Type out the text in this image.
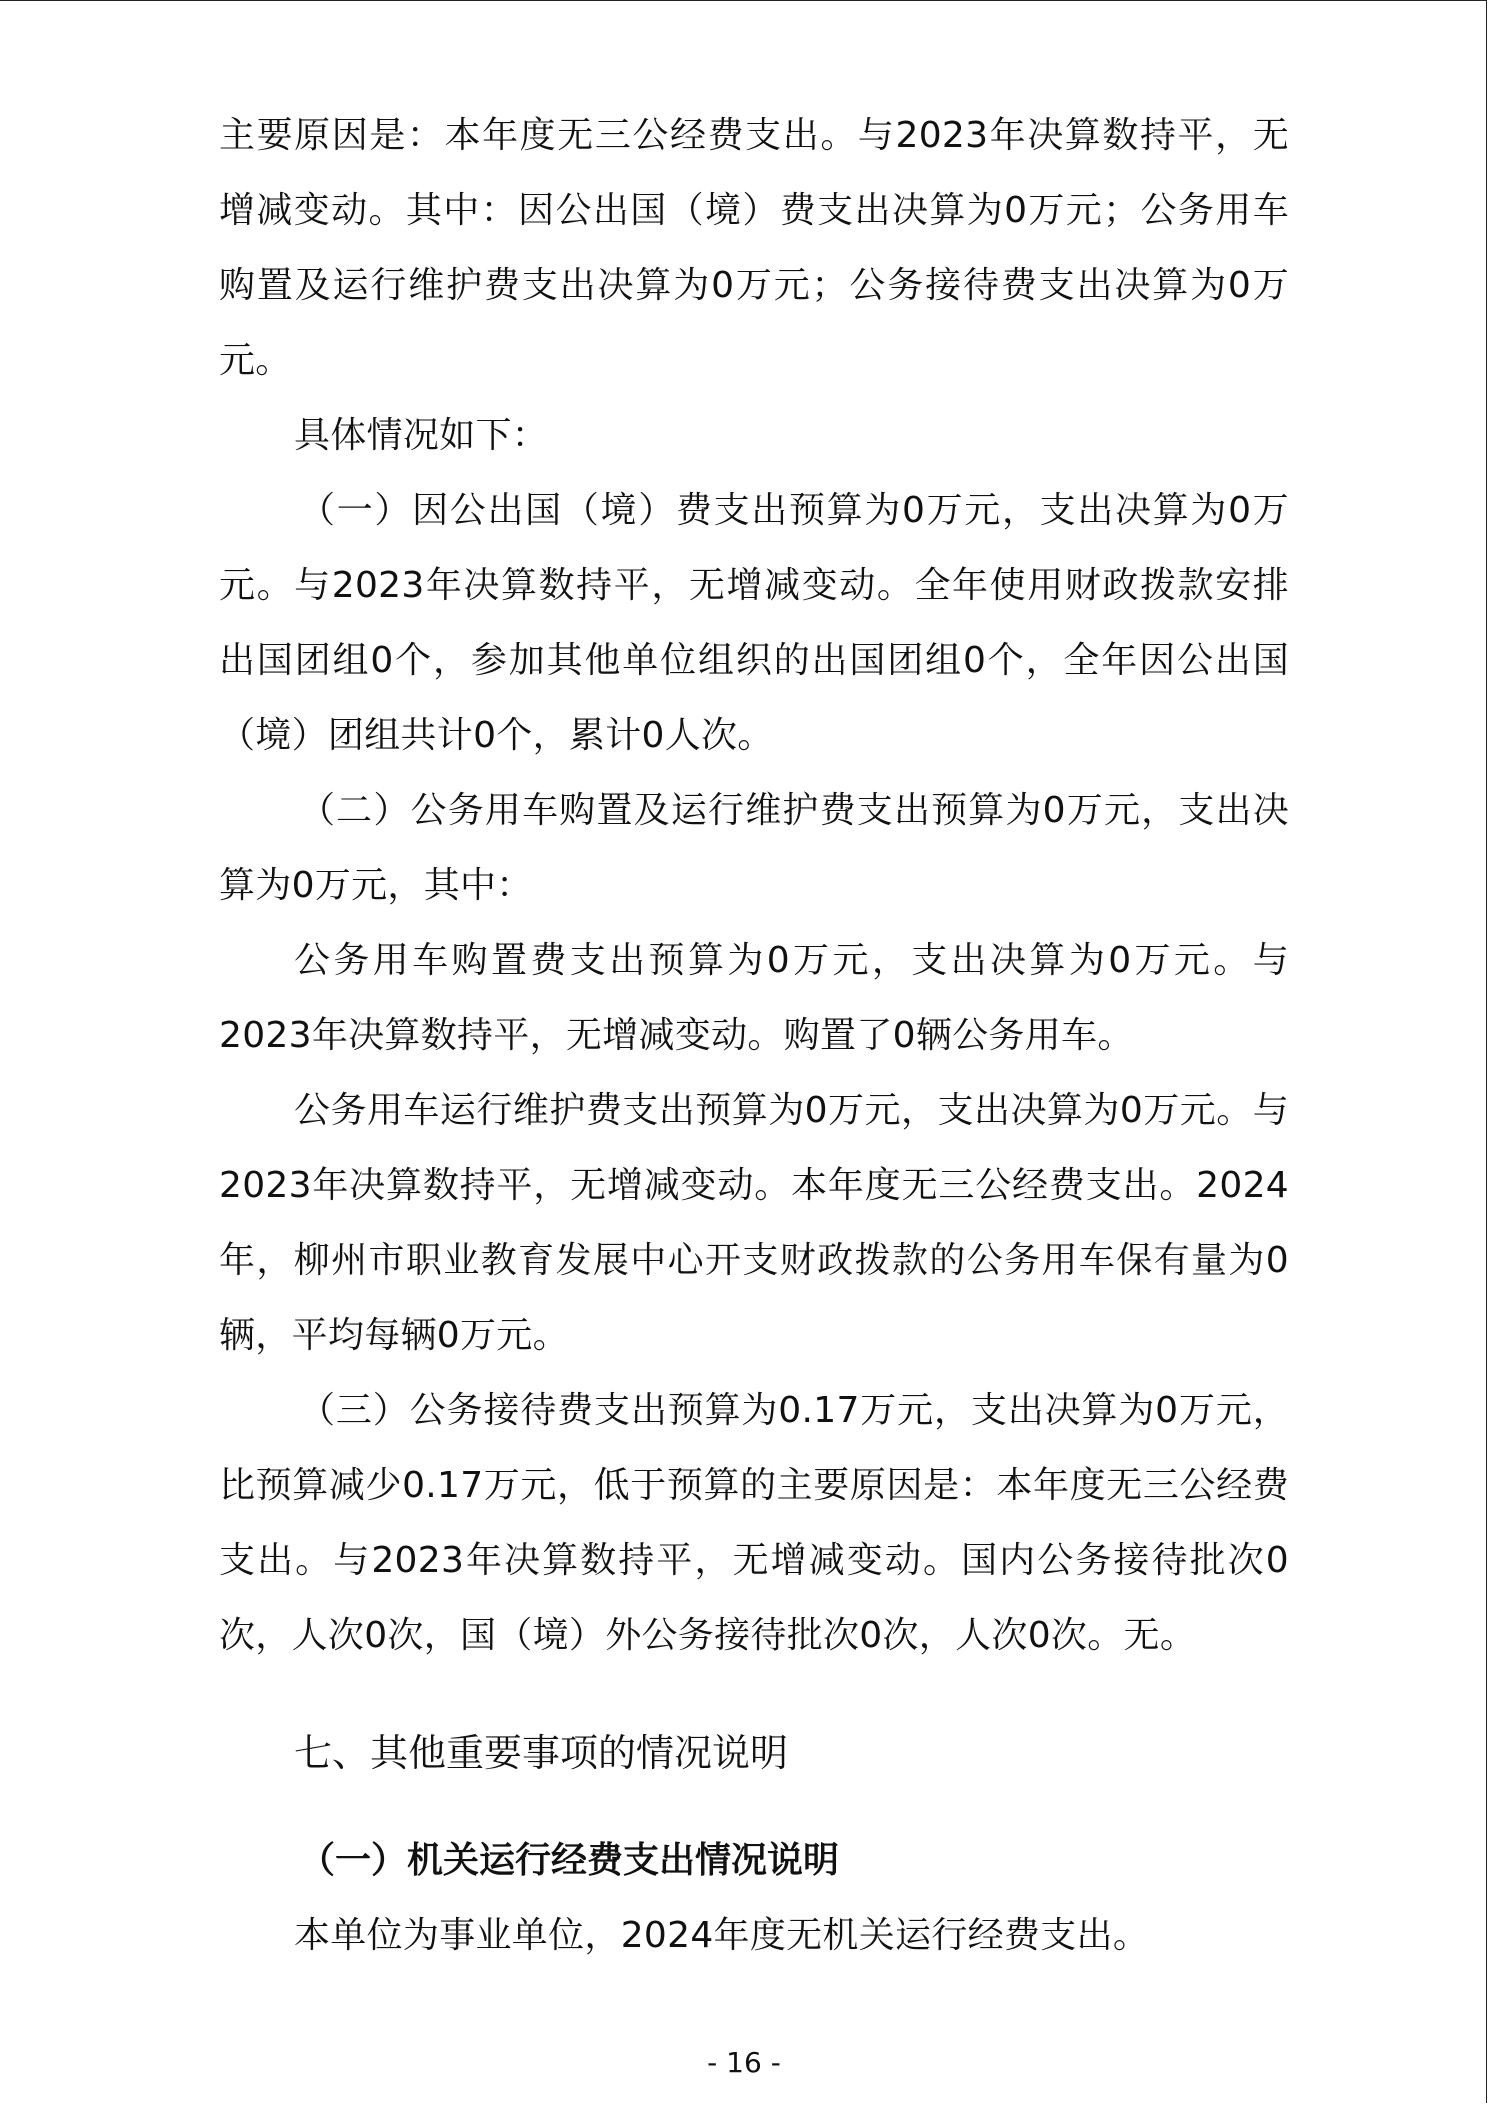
主要原因是：本年度无三公经费支出。与2023年决算数持平，无增减变动。其中：因公出国（境）费支出决算为0万元；公务用车购置及运行维护费支出决算为0万元；公务接待费支出决算为0万元。

具体情况如下：

（一）因公出国（境）费支出预算为0万元，支出决算为0万元。与2023年决算数持平，无增减变动。全年使用财政拨款安排出国团组0个，参加其他单位组织的出国团组0个，全年因公出国（境）团组共计0个，累计0人次。

（二）公务用车购置及运行维护费支出预算为0万元，支出决算为0万元，其中：

公务用车购置费支出预算为0万元，支出决算为0万元。与2023年决算数持平，无增减变动。购置了0辆公务用车。

公务用车运行维护费支出预算为0万元，支出决算为0万元。与2023年决算数持平，无增减变动。本年度无三公经费支出。2024年，柳州市职业教育发展中心开支财政拨款的公务用车保有量为0辆，平均每辆0万元。

（三）公务接待费支出预算为0.17万元，支出决算为0万元，比预算减少0.17万元，低于预算的主要原因是：本年度无三公经费支出。与2023年决算数持平，无增减变动。国内公务接待批次0次，人次0次，国（境）外公务接待批次0次，人次0次。无。

七、其他重要事项的情况说明
（一）机关运行经费支出情况说明

本单位为事业单位，2024年度无机关运行经费支出。

- 16 -
